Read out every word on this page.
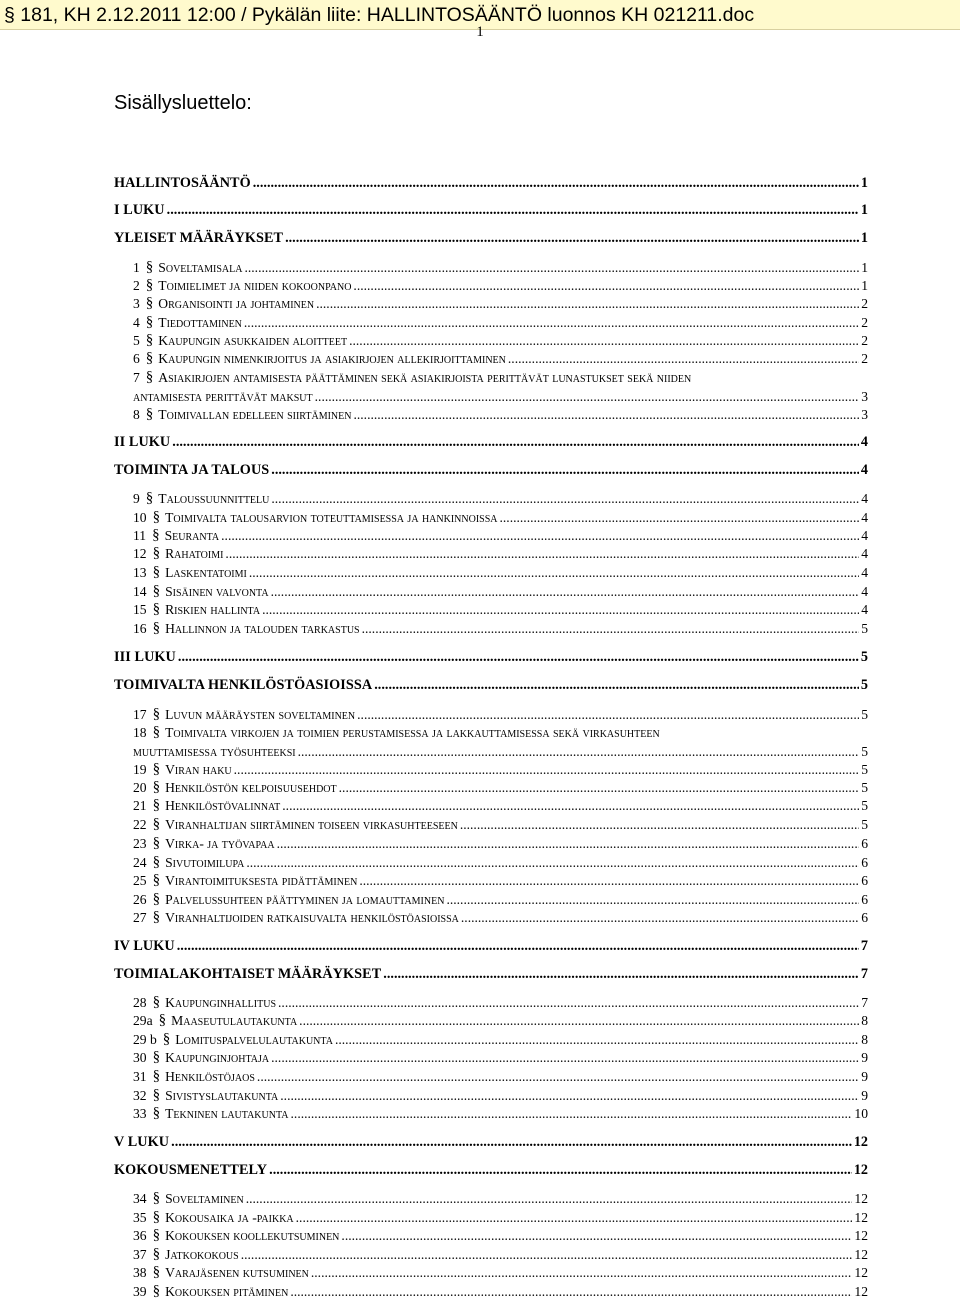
§ 181, KH 2.12.2011 12:00 / Pykälän liite: HALLINTOSÄÄNTÖ luonnos KH 021211.doc
1
Sisällysluettelo:
HALLINTOSÄÄNTÖ .....	1
I LUKU .....	1
YLEISET MÄÄRÄYKSET .....	1
1 § Soveltamisala .....	1
2 § Toimielimet ja niiden kokoonpano .....	1
3 § Organisointi ja johtaminen .....	2
4 § Tiedottaminen .....	2
5 § Kaupungin asukkaiden aloitteet .....	2
6 § Kaupungin nimenkirjoitus ja asiakirjojen allekirjoittaminen .....	2
7 § Asiakirjojen antamisesta päättäminen sekä asiakirjoista perittävät lunastukset sekä niiden
antamisesta perittävät maksut .....	3
8 § Toimivallan edelleen siirtäminen .....	3
II LUKU .....	4
TOIMINTA JA TALOUS .....	4
9 § Taloussuunnittelu .....	4
10 § Toimivalta talousarvion toteuttamisessa ja hankinnoissa .....	4
11 § Seuranta .....	4
12 § Rahatoimi .....	4
13 § Laskentatoimi .....	4
14 § Sisäinen valvonta .....	4
15 § Riskien hallinta .....	4
16 § Hallinnon ja talouden tarkastus .....	5
III LUKU .....	5
TOIMIVALTA HENKILÖSTÖASIOISSA .....	5
17 § Luvun määräysten soveltaminen .....	5
18 § Toimivalta virkojen ja toimien perustamisessa ja lakkauttamisessa sekä virkasuhteen
muuttamisessa työsuhteeksi .....	5
19 § Viran haku .....	5
20 § Henkilöstön kelpoisuusehdot .....	5
21 § Henkilöstövalinnat .....	5
22 § Viranhaltijan siirtäminen toiseen virkasuhteeseen .....	5
23 § Virka- ja työvapaa .....	6
24 § Sivutoimilupa .....	6
25 § Virantoimituksesta pidättäminen .....	6
26 § Palvelussuhteen päättyminen ja lomauttaminen .....	6
27 § Viranhaltijoiden ratkaisuvalta henkilöstöasioissa .....	6
IV LUKU .....	7
TOIMIALAKOHTAISET MÄÄRÄYKSET .....	7
28 § Kaupunginhallitus .....	7
29a § Maaseutulautakunta .....	8
29 b § Lomituspalvelulautakunta .....	8
30 § Kaupunginjohtaja .....	9
31 § Henkilöstöjaos .....	9
32 § Sivistyslautakunta .....	9
33 § Tekninen lautakunta .....	10
V LUKU .....	12
KOKOUSMENETTELY .....	12
34 § Soveltaminen .....	12
35 § Kokousaika ja -paikka .....	12
36 § Kokouksen koollekutsuminen .....	12
37 § Jatkokokous .....	12
38 § Varajäsenen kutsuminen .....	12
39 § Kokouksen pitäminen .....	12
